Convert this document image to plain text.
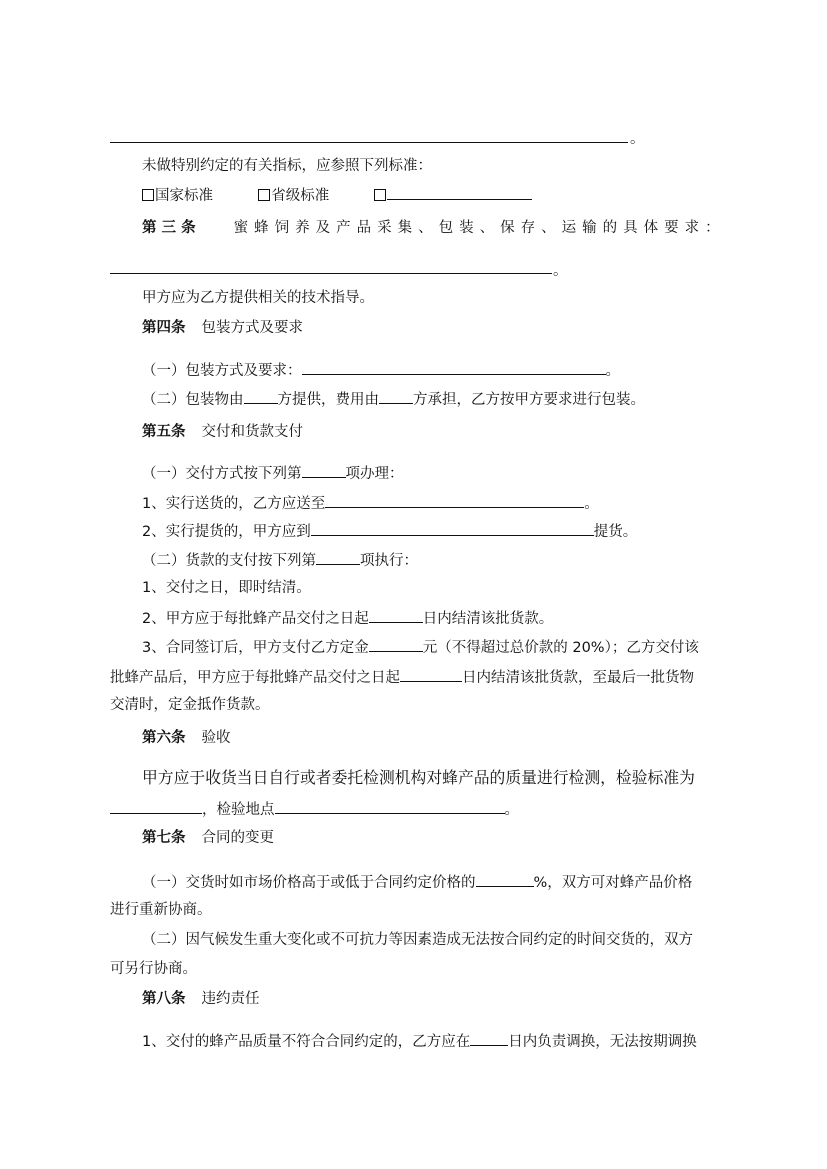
。
未做特别约定的有关指标，应参照下列标准：
国家标准	省级标准
第 三 条	蜜蜂饲养及产品采集、包装、保存、运输的具体要求：
。
甲方应为乙方提供相关的技术指导。
第四条 包装方式及要求
（一）包装方式及要求：	。
（二）包装物由 方提供，费用由 方承担，乙方按甲方要求进行包装。
第五条 交付和货款支付
（一）交付方式按下列第	项办理：
1、实行送货的，乙方应送至	。
2、实行提货的，甲方应到	提货。
（二）货款的支付按下列第	项执行：
1、交付之日，即时结清。
2、甲方应于每批蜂产品交付之日起	日内结清该批货款。
3、合同签订后，甲方支付乙方定金	元（不得超过总价款的 20%）；乙方交付该
批蜂产品后，甲方应于每批蜂产品交付之日起	日内结清该批货款，至最后一批货物
交清时，定金抵作货款。
第六条 验收
甲方应于收货当日自行或者委托检测机构对蜂产品的质量进行检测，检验标准为
，检验地点	。
第七条 合同的变更
（一）交货时如市场价格高于或低于合同约定价格的	%，双方可对蜂产品价格
进行重新协商。
（二）因气候发生重大变化或不可抗力等因素造成无法按合同约定的时间交货的，双方
可另行协商。
第八条 违约责任
1、交付的蜂产品质量不符合合同约定的，乙方应在	日内负责调换，无法按期调换
